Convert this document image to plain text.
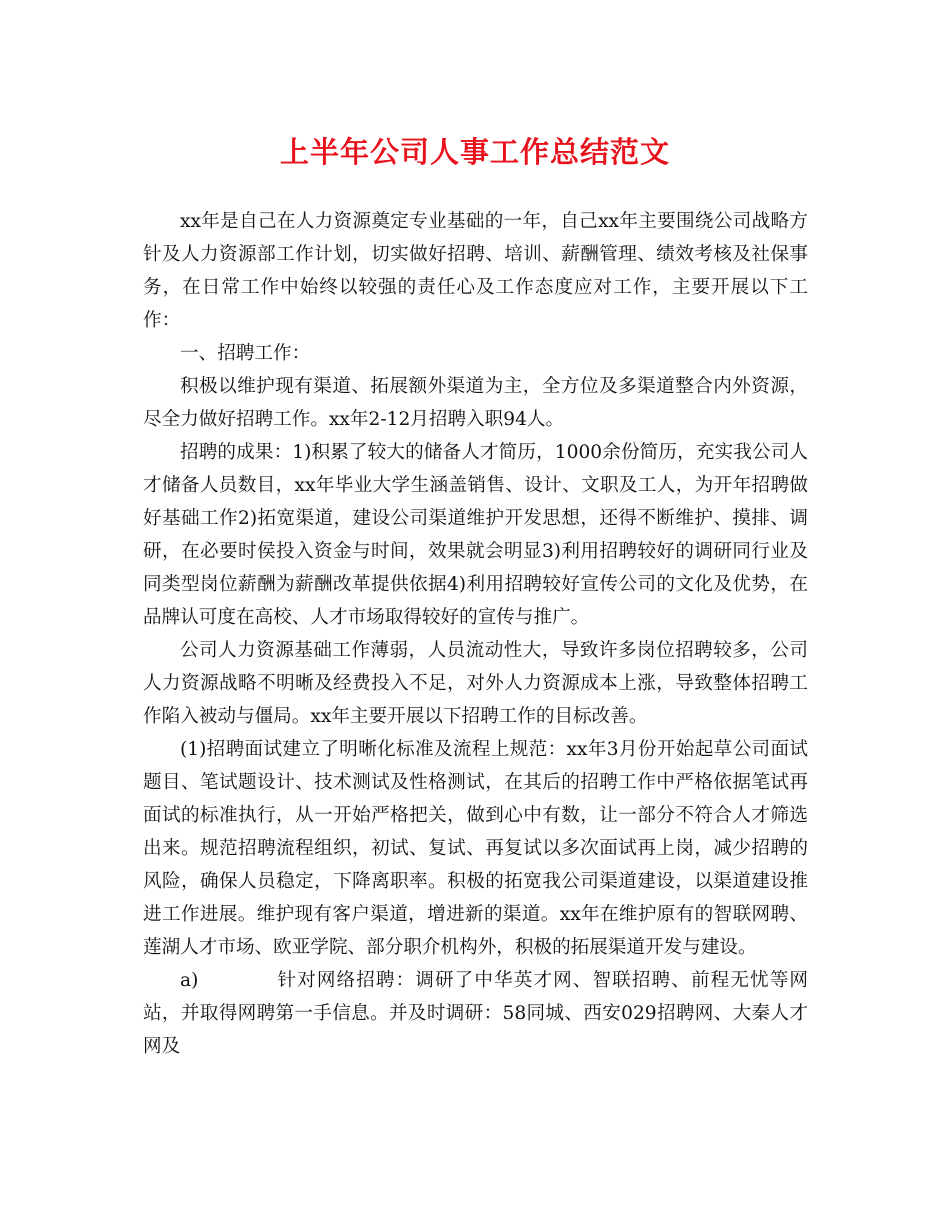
上半年公司人事工作总结范文

xx年是自己在人力资源奠定专业基础的一年，自己xx年主要围绕公司战略方针及人力资源部工作计划，切实做好招聘、培训、薪酬管理、绩效考核及社保事务，在日常工作中始终以较强的责任心及工作态度应对工作，主要开展以下工作：

一、招聘工作：

积极以维护现有渠道、拓展额外渠道为主，全方位及多渠道整合内外资源，尽全力做好招聘工作。xx年2-12月招聘入职94人。

招聘的成果：1)积累了较大的储备人才简历，1000余份简历，充实我公司人才储备人员数目，xx年毕业大学生涵盖销售、设计、文职及工人，为开年招聘做好基础工作2)拓宽渠道，建设公司渠道维护开发思想，还得不断维护、摸排、调研，在必要时侯投入资金与时间，效果就会明显3)利用招聘较好的调研同行业及同类型岗位薪酬为薪酬改革提供依据4)利用招聘较好宣传公司的文化及优势，在品牌认可度在高校、人才市场取得较好的宣传与推广。

公司人力资源基础工作薄弱，人员流动性大，导致许多岗位招聘较多，公司人力资源战略不明晰及经费投入不足，对外人力资源成本上涨，导致整体招聘工作陷入被动与僵局。xx年主要开展以下招聘工作的目标改善。

(1)招聘面试建立了明晰化标准及流程上规范：xx年3月份开始起草公司面试题目、笔试题设计、技术测试及性格测试，在其后的招聘工作中严格依据笔试再面试的标准执行，从一开始严格把关，做到心中有数，让一部分不符合人才筛选出来。规范招聘流程组织，初试、复试、再复试以多次面试再上岗，减少招聘的风险，确保人员稳定，下降离职率。积极的拓宽我公司渠道建设，以渠道建设推进工作进展。维护现有客户渠道，增进新的渠道。xx年在维护原有的智联网聘、莲湖人才市场、欧亚学院、部分职介机构外，积极的拓展渠道开发与建设。

a)	针对网络招聘：调研了中华英才网、智联招聘、前程无忧等网站，并取得网聘第一手信息。并及时调研：58同城、西安029招聘网、大秦人才网及
